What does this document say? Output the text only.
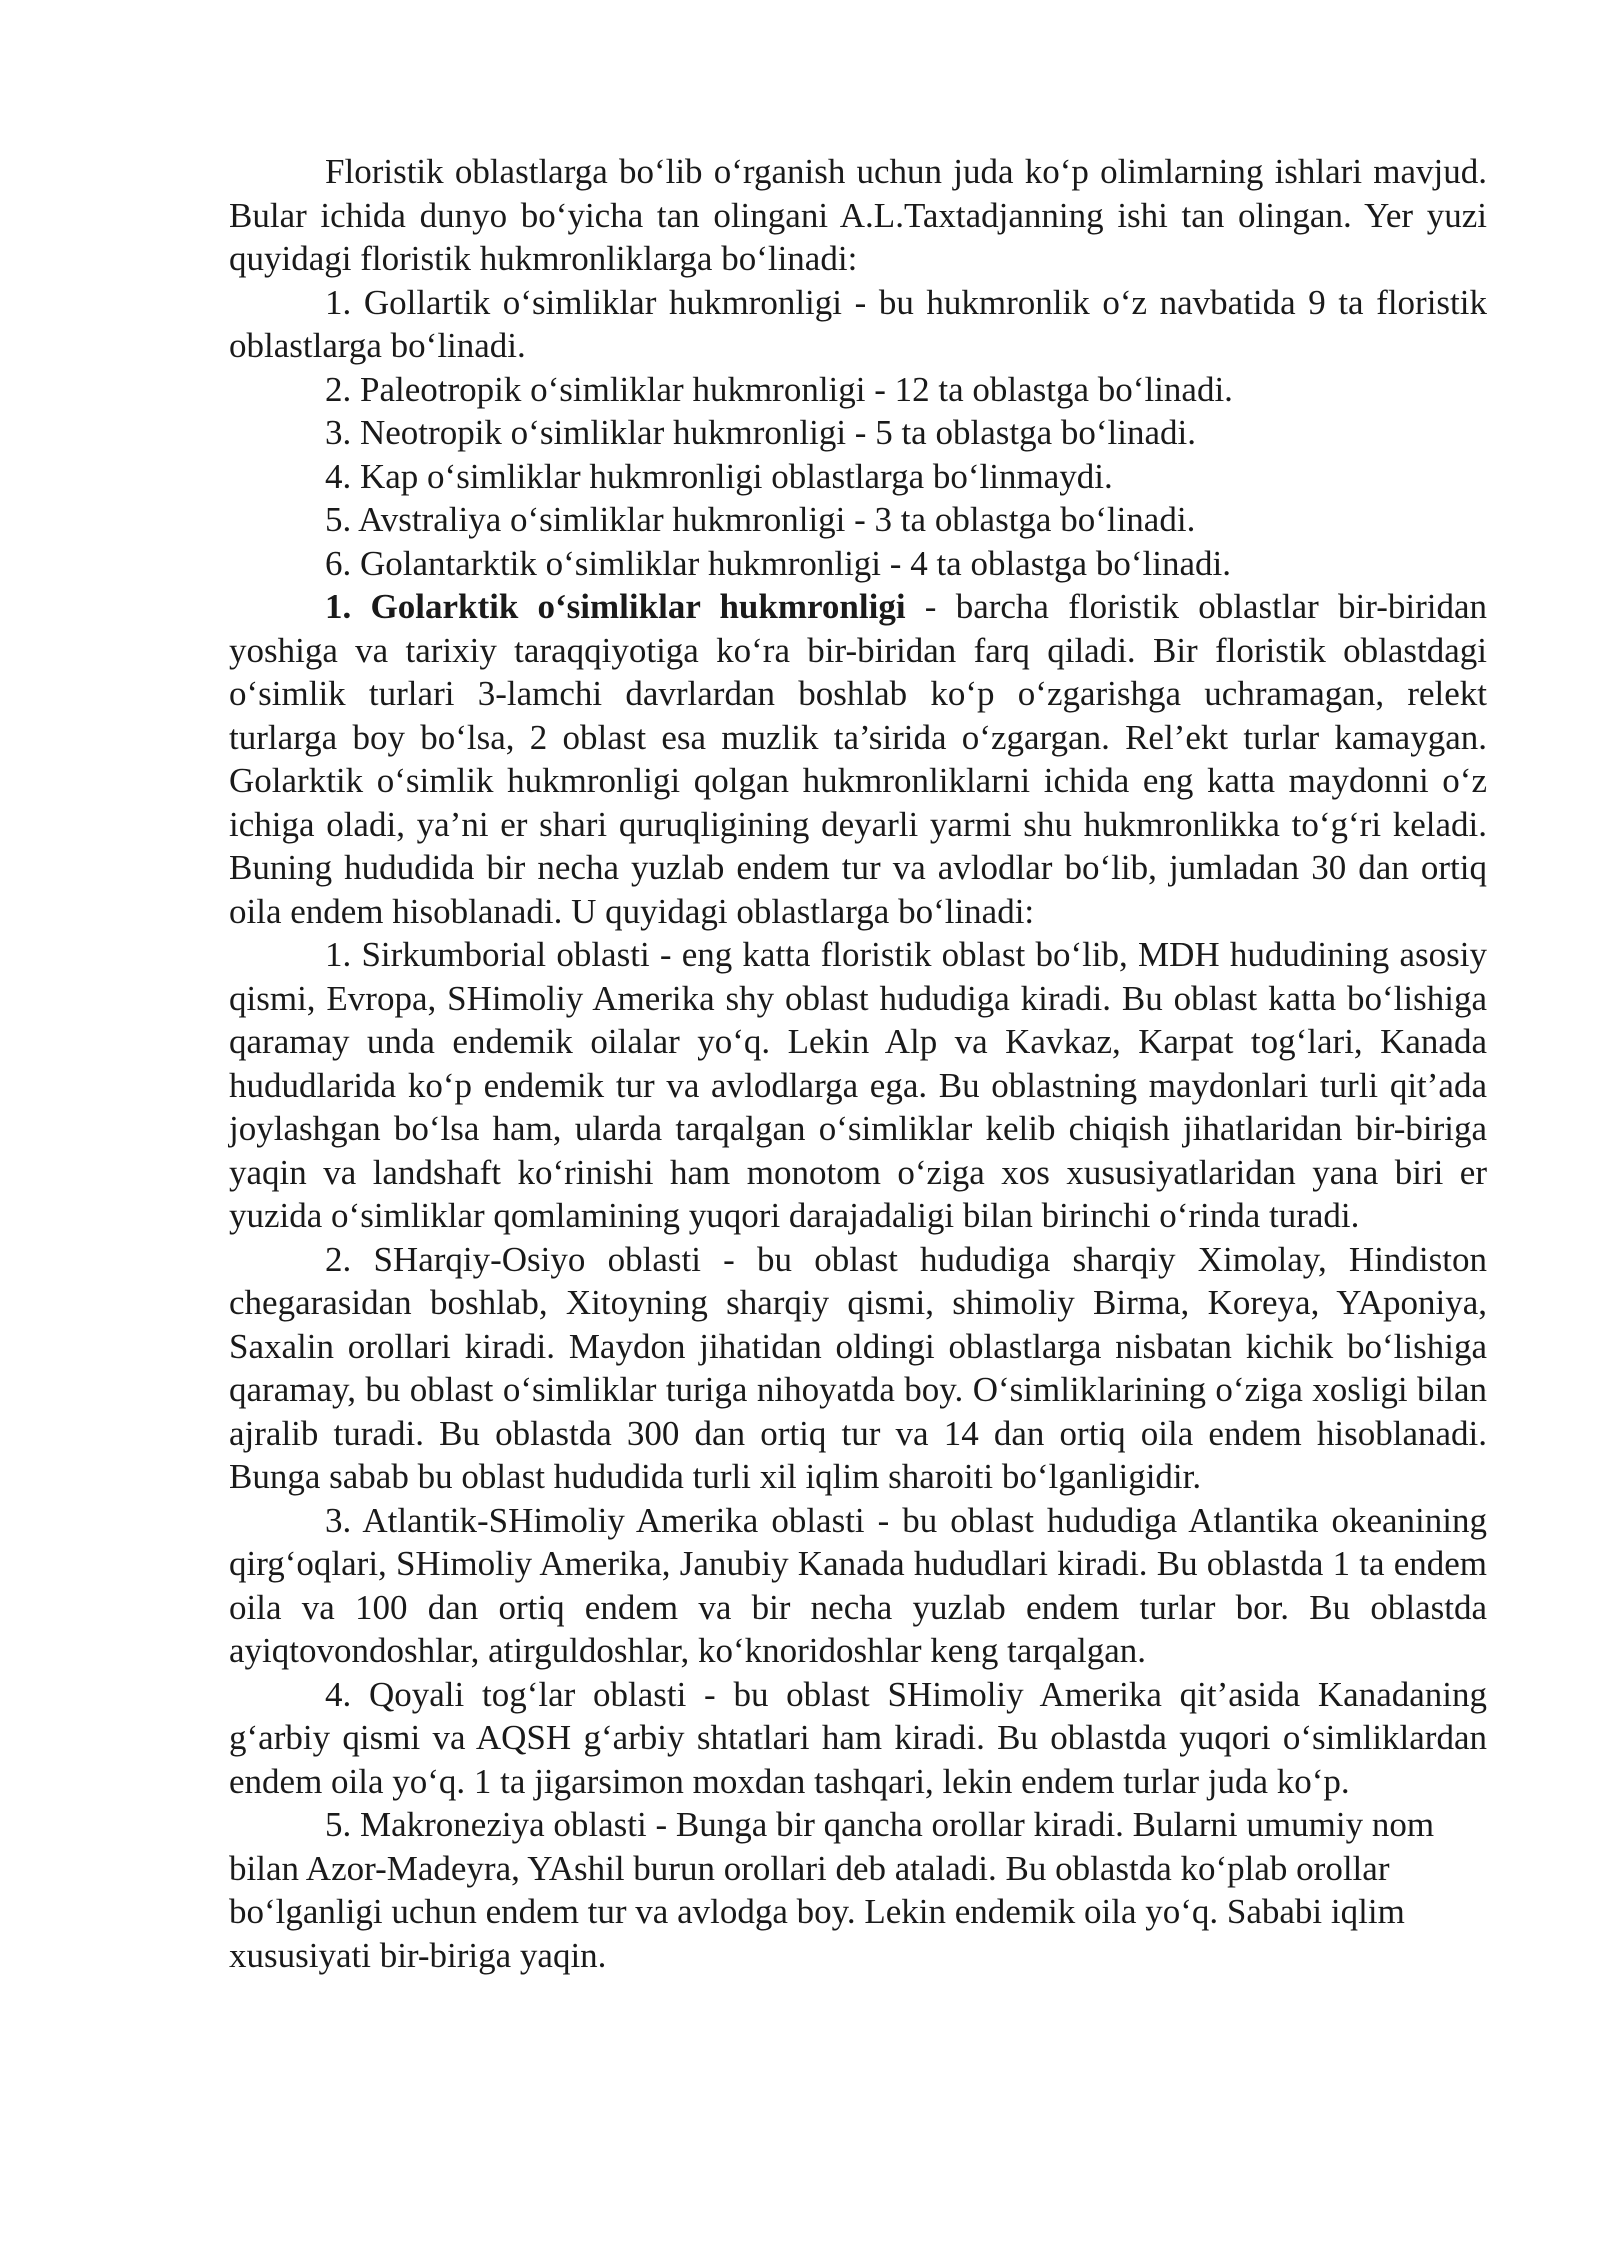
Floristik oblastlarga bo‘lib o‘rganish uchun juda ko‘p olimlarning ishlari mavjud. Bular ichida dunyo bo‘yicha tan olingani A.L.Taxtadjanning ishi tan olingan. Yer yuzi quyidagi floristik hukmronliklarga bo‘linadi:

1. Gollartik o‘simliklar hukmronligi - bu hukmronlik o‘z navbatida 9 ta floristik oblastlarga bo‘linadi.

2. Paleotropik o‘simliklar hukmronligi - 12 ta oblastga bo‘linadi.

3. Neotropik o‘simliklar hukmronligi - 5 ta oblastga bo‘linadi.

4. Kap o‘simliklar hukmronligi oblastlarga bo‘linmaydi.

5. Avstraliya o‘simliklar hukmronligi - 3 ta oblastga bo‘linadi.

6. Golantarktik o‘simliklar hukmronligi - 4 ta oblastga bo‘linadi.

1. Golarktik o‘simliklar hukmronligi - barcha floristik oblastlar bir-biridan yoshiga va tarixiy taraqqiyotiga ko‘ra bir-biridan farq qiladi. Bir floristik oblastdagi o‘simlik turlari 3-lamchi davrlardan boshlab ko‘p o‘zgarishga uchramagan, relekt turlarga boy bo‘lsa, 2 oblast esa muzlik ta’sirida o‘zgargan. Rel’ekt turlar kamaygan. Golarktik o‘simlik hukmronligi qolgan hukmronliklarni ichida eng katta maydonni o‘z ichiga oladi, ya’ni er shari quruqligining deyarli yarmi shu hukmronlikka to‘g‘ri keladi. Buning hududida bir necha yuzlab endem tur va avlodlar bo‘lib, jumladan 30 dan ortiq oila endem hisoblanadi. U quyidagi oblastlarga bo‘linadi:

1. Sirkumborial oblasti - eng katta floristik oblast bo‘lib, MDH hududining asosiy qismi, Evropa, SHimoliy Amerika shy oblast hududiga kiradi. Bu oblast katta bo‘lishiga qaramay unda endemik oilalar yo‘q. Lekin Alp va Kavkaz, Karpat tog‘lari, Kanada hududlarida ko‘p endemik tur va avlodlarga ega. Bu oblastning maydonlari turli qit’ada joylashgan bo‘lsa ham, ularda tarqalgan o‘simliklar kelib chiqish jihatlaridan bir-biriga yaqin va landshaft ko‘rinishi ham monotom o‘ziga xos xususiyatlaridan yana biri er yuzida o‘simliklar qomlamining yuqori darajadaligi bilan birinchi o‘rinda turadi.

2. SHarqiy-Osiyo oblasti - bu oblast hududiga sharqiy Ximolay, Hindiston chegarasidan boshlab, Xitoyning sharqiy qismi, shimoliy Birma, Koreya, YAponiya, Saxalin orollari kiradi. Maydon jihatidan oldingi oblastlarga nisbatan kichik bo‘lishiga qaramay, bu oblast o‘simliklar turiga nihoyatda boy. O‘simliklarining o‘ziga xosligi bilan ajralib turadi. Bu oblastda 300 dan ortiq tur va 14 dan ortiq oila endem hisoblanadi. Bunga sabab bu oblast hududida turli xil iqlim sharoiti bo‘lganligidir.

3. Atlantik-SHimoliy Amerika oblasti - bu oblast hududiga Atlantika okeanining qirg‘oqlari, SHimoliy Amerika, Janubiy Kanada hududlari kiradi. Bu oblastda 1 ta endem oila va 100 dan ortiq endem va bir necha yuzlab endem turlar bor. Bu oblastda ayiqtovondoshlar, atirguldoshlar, ko‘knoridoshlar keng tarqalgan.

4. Qoyali tog‘lar oblasti - bu oblast SHimoliy Amerika qit’asida Kanadaning g‘arbiy qismi va AQSH g‘arbiy shtatlari ham kiradi. Bu oblastda yuqori o‘simliklardan endem oila yo‘q. 1 ta jigarsimon moxdan tashqari, lekin endem turlar juda ko‘p.

5. Makroneziya oblasti - Bunga bir qancha orollar kiradi. Bularni umumiy nom bilan Azor-Madeyra, YAshil burun orollari deb ataladi. Bu oblastda ko‘plab orollar bo‘lganligi uchun endem tur va avlodga boy. Lekin endemik oila yo‘q. Sababi iqlim xususiyati bir-biriga yaqin.
